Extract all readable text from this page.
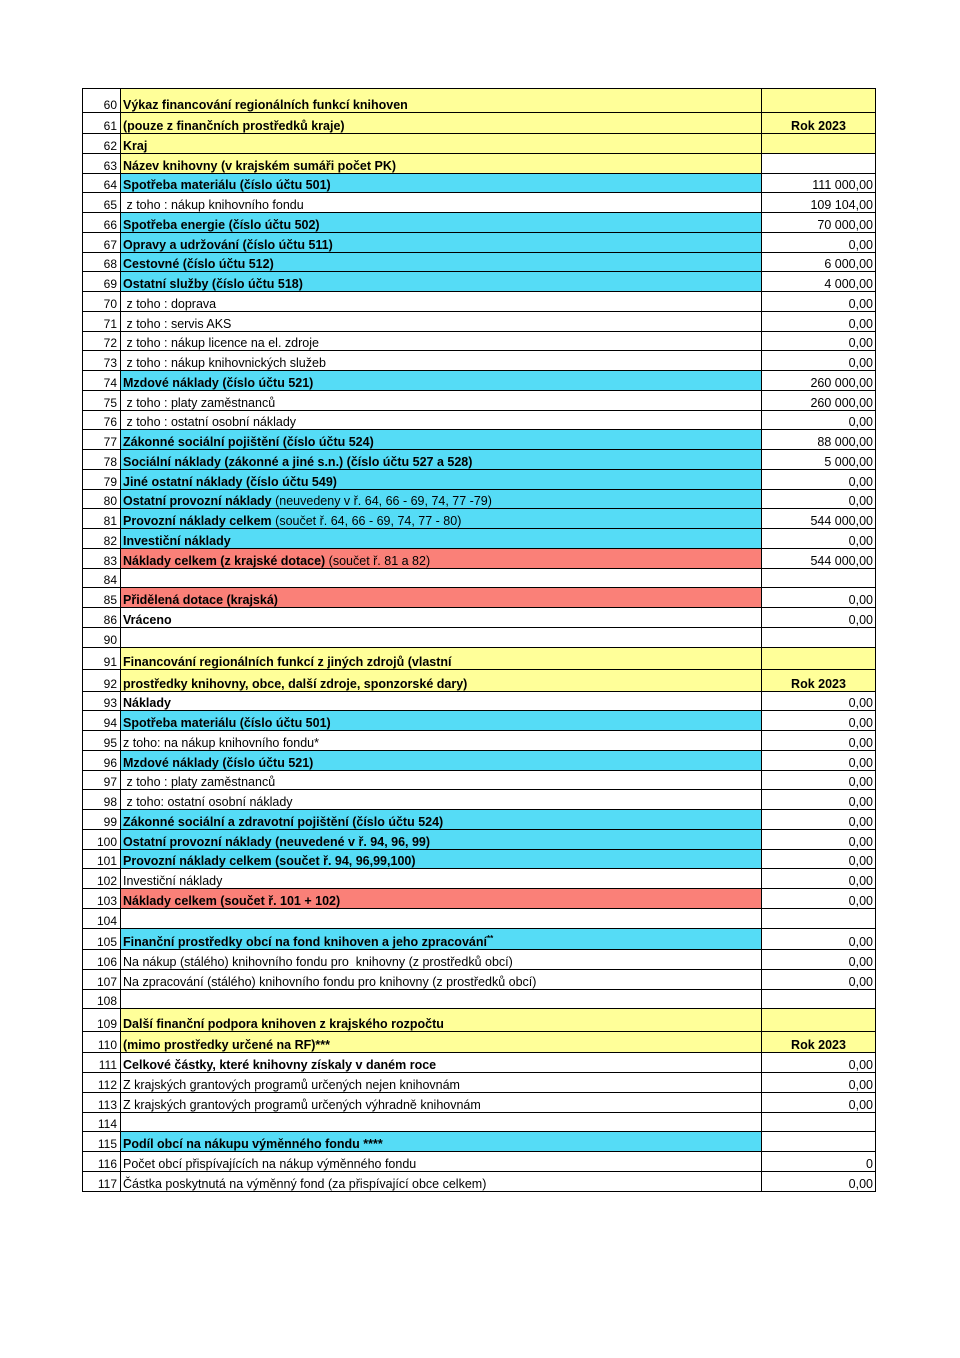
60	Výkaz financování regionálních funkcí knihoven	
61	(pouze z finančních prostředků kraje)	Rok 2023
62	Kraj	
63	Název knihovny (v krajském sumáři počet PK)	
64	Spotřeba materiálu (číslo účtu 501)	111 000,00
65	z toho : nákup knihovního fondu	109 104,00
66	Spotřeba energie (číslo účtu 502)	70 000,00
67	Opravy a udržování (číslo účtu 511)	0,00
68	Cestovné (číslo účtu 512)	6 000,00
69	Ostatní služby (číslo účtu 518)	4 000,00
70	z toho : doprava	0,00
71	z toho : servis AKS	0,00
72	z toho : nákup licence na el. zdroje	0,00
73	z toho : nákup knihovnických služeb	0,00
74	Mzdové náklady (číslo účtu 521)	260 000,00
75	z toho : platy zaměstnanců	260 000,00
76	z toho : ostatní osobní náklady	0,00
77	Zákonné sociální pojištění (číslo účtu 524)	88 000,00
78	Sociální náklady (zákonné a jiné s.n.) (číslo účtu 527 a 528)	5 000,00
79	Jiné ostatní náklady (číslo účtu 549)	0,00
80	Ostatní provozní náklady (neuvedeny v ř. 64, 66 - 69, 74, 77 -79)	0,00
81	Provozní náklady celkem (součet ř. 64, 66 - 69, 74, 77 - 80)	544 000,00
82	Investiční náklady	0,00
83	Náklady celkem (z krajské dotace) (součet ř. 81 a 82)	544 000,00
84		
85	Přidělená dotace (krajská)	0,00
86	Vráceno	0,00
90		
91	Financování regionálních funkcí z jiných zdrojů (vlastní	
92	prostředky knihovny, obce, další zdroje, sponzorské dary)	Rok 2023
93	Náklady	0,00
94	Spotřeba materiálu (číslo účtu 501)	0,00
95	z toho: na nákup knihovního fondu*	0,00
96	Mzdové náklady (číslo účtu 521)	0,00
97	z toho : platy zaměstnanců	0,00
98	z toho: ostatní osobní náklady	0,00
99	Zákonné sociální a zdravotní pojištění (číslo účtu 524)	0,00
100	Ostatní provozní náklady (neuvedené v ř. 94, 96, 99)	0,00
101	Provozní náklady celkem (součet ř. 94, 96,99,100)	0,00
102	Investiční náklady	0,00
103	Náklady celkem (součet ř. 101 + 102)	0,00
104		
105	Finanční prostředky obcí na fond knihoven a jeho zpracování**	0,00
106	Na nákup (stálého) knihovního fondu pro  knihovny (z prostředků obcí)	0,00
107	Na zpracování (stálého) knihovního fondu pro knihovny (z prostředků obcí)	0,00
108		
109	Další finanční podpora knihoven z krajského rozpočtu	
110	(mimo prostředky určené na RF)***	Rok 2023
111	Celkové částky, které knihovny získaly v daném roce	0,00
112	Z krajských grantových programů určených nejen knihovnám	0,00
113	Z krajských grantových programů určených výhradně knihovnám	0,00
114		
115	Podíl obcí na nákupu výměnného fondu ****	
116	Počet obcí přispívajících na nákup výměnného fondu	0
117	Částka poskytnutá na výměnný fond (za přispívající obce celkem)	0,00
